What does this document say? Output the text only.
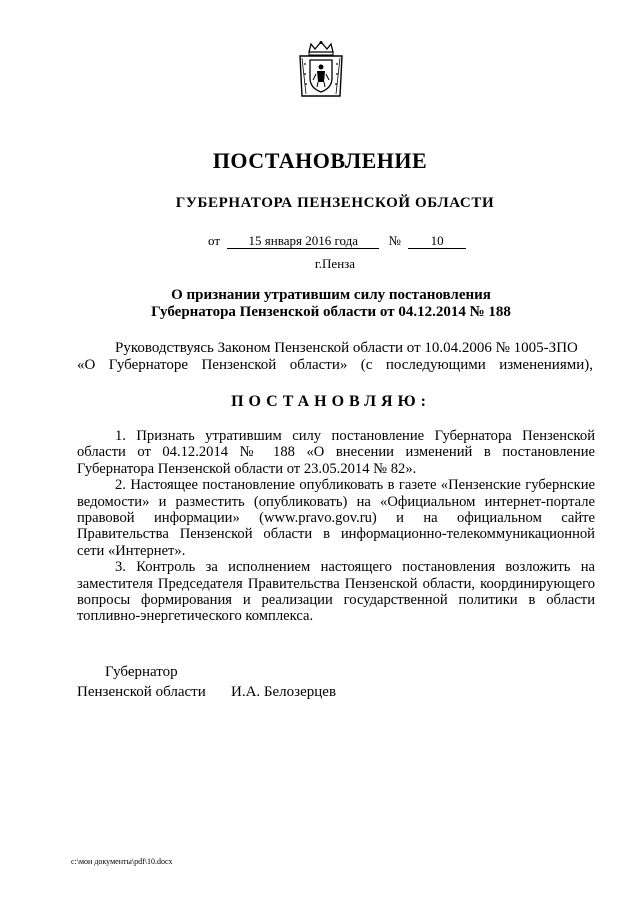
ПОСТАНОВЛЕНИЕ
ГУБЕРНАТОРА ПЕНЗЕНСКОЙ ОБЛАСТИ
от 15 января 2016 года № 10
г.Пенза
О признании утратившим силу постановления
Губернатора Пензенской области от 04.12.2014 № 188
Руководствуясь Законом Пензенской области от 10.04.2006 № 1005-ЗПО
«О Губернаторе Пензенской области» (с последующими изменениями),
ПОСТАНОВЛЯЮ:

1. Признать утратившим силу постановление Губернатора Пензенской области от 04.12.2014 № 188 «О внесении изменений в постановление Губернатора Пензенской области от 23.05.2014 № 82».

2. Настоящее постановление опубликовать в газете «Пензенские губернские ведомости» и разместить (опубликовать) на «Официальном интернет-портале правовой информации» (www.pravo.gov.ru) и на официальном сайте Правительства Пензенской области в информационно-телекоммуникационной сети «Интернет».

3. Контроль за исполнением настоящего постановления возложить на заместителя Председателя Правительства Пензенской области, координирующего вопросы формирования и реализации государственной политики в области топливно-энергетического комплекса.

Губернатор
Пензенской области И.А. Белозерцев
c:\мои документы\pdf\10.docx
